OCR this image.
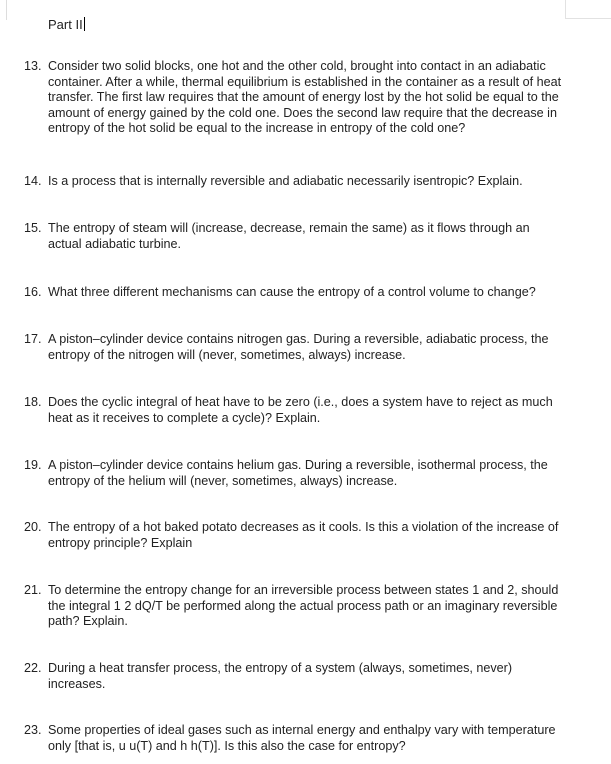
Part II
13. Consider two solid blocks, one hot and the other cold, brought into contact in an adiabatic container. After a while, thermal equilibrium is established in the container as a result of heat transfer. The first law requires that the amount of energy lost by the hot solid be equal to the amount of energy gained by the cold one. Does the second law require that the decrease in entropy of the hot solid be equal to the increase in entropy of the cold one?
14. Is a process that is internally reversible and adiabatic necessarily isentropic? Explain.
15. The entropy of steam will (increase, decrease, remain the same) as it flows through an actual adiabatic turbine.
16. What three different mechanisms can cause the entropy of a control volume to change?
17. A piston–cylinder device contains nitrogen gas. During a reversible, adiabatic process, the entropy of the nitrogen will (never, sometimes, always) increase.
18. Does the cyclic integral of heat have to be zero (i.e., does a system have to reject as much heat as it receives to complete a cycle)? Explain.
19. A piston–cylinder device contains helium gas. During a reversible, isothermal process, the entropy of the helium will (never, sometimes, always) increase.
20. The entropy of a hot baked potato decreases as it cools. Is this a violation of the increase of entropy principle? Explain
21. To determine the entropy change for an irreversible process between states 1 and 2, should the integral 1 2 dQ/T be performed along the actual process path or an imaginary reversible path? Explain.
22. During a heat transfer process, the entropy of a system (always, sometimes, never) increases.
23. Some properties of ideal gases such as internal energy and enthalpy vary with temperature only [that is, u u(T) and h h(T)]. Is this also the case for entropy?
